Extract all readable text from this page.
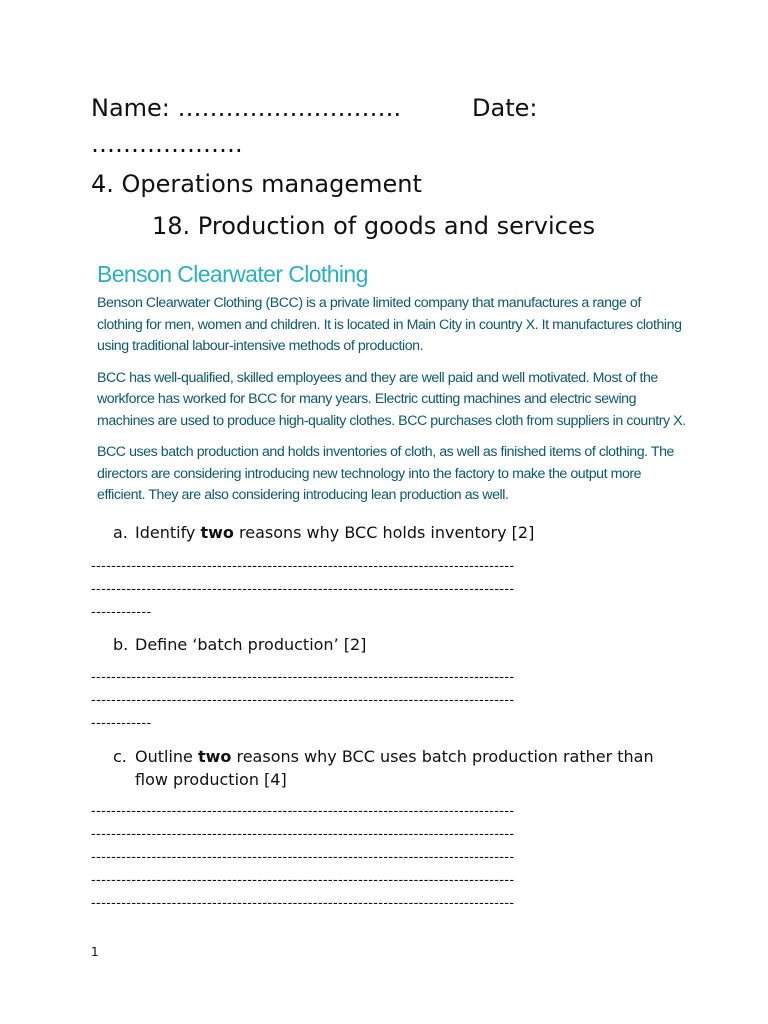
Name: ……………………….	Date:
……………….
4. Operations management
18. Production of goods and services
Benson Clearwater Clothing

Benson Clearwater Clothing (BCC) is a private limited company that manufactures a range of clothing for men, women and children. It is located in Main City in country X. It manufactures clothing using traditional labour-intensive methods of production.

BCC has well-qualified, skilled employees and they are well paid and well motivated. Most of the workforce has worked for BCC for many years. Electric cutting machines and electric sewing machines are used to produce high-quality clothes. BCC purchases cloth from suppliers in country X.

BCC uses batch production and holds inventories of cloth, as well as finished items of clothing. The directors are considering introducing new technology into the factory to make the output more efficient. They are also considering introducing lean production as well.

a. Identify two reasons why BCC holds inventory [2]
------------------------------------------------------------------------------------
------------------------------------------------------------------------------------
------------
b. Define ‘batch production’ [2]
------------------------------------------------------------------------------------
------------------------------------------------------------------------------------
------------
c. Outline two reasons why BCC uses batch production rather than flow production [4]
------------------------------------------------------------------------------------
------------------------------------------------------------------------------------
------------------------------------------------------------------------------------
------------------------------------------------------------------------------------
------------------------------------------------------------------------------------
1
